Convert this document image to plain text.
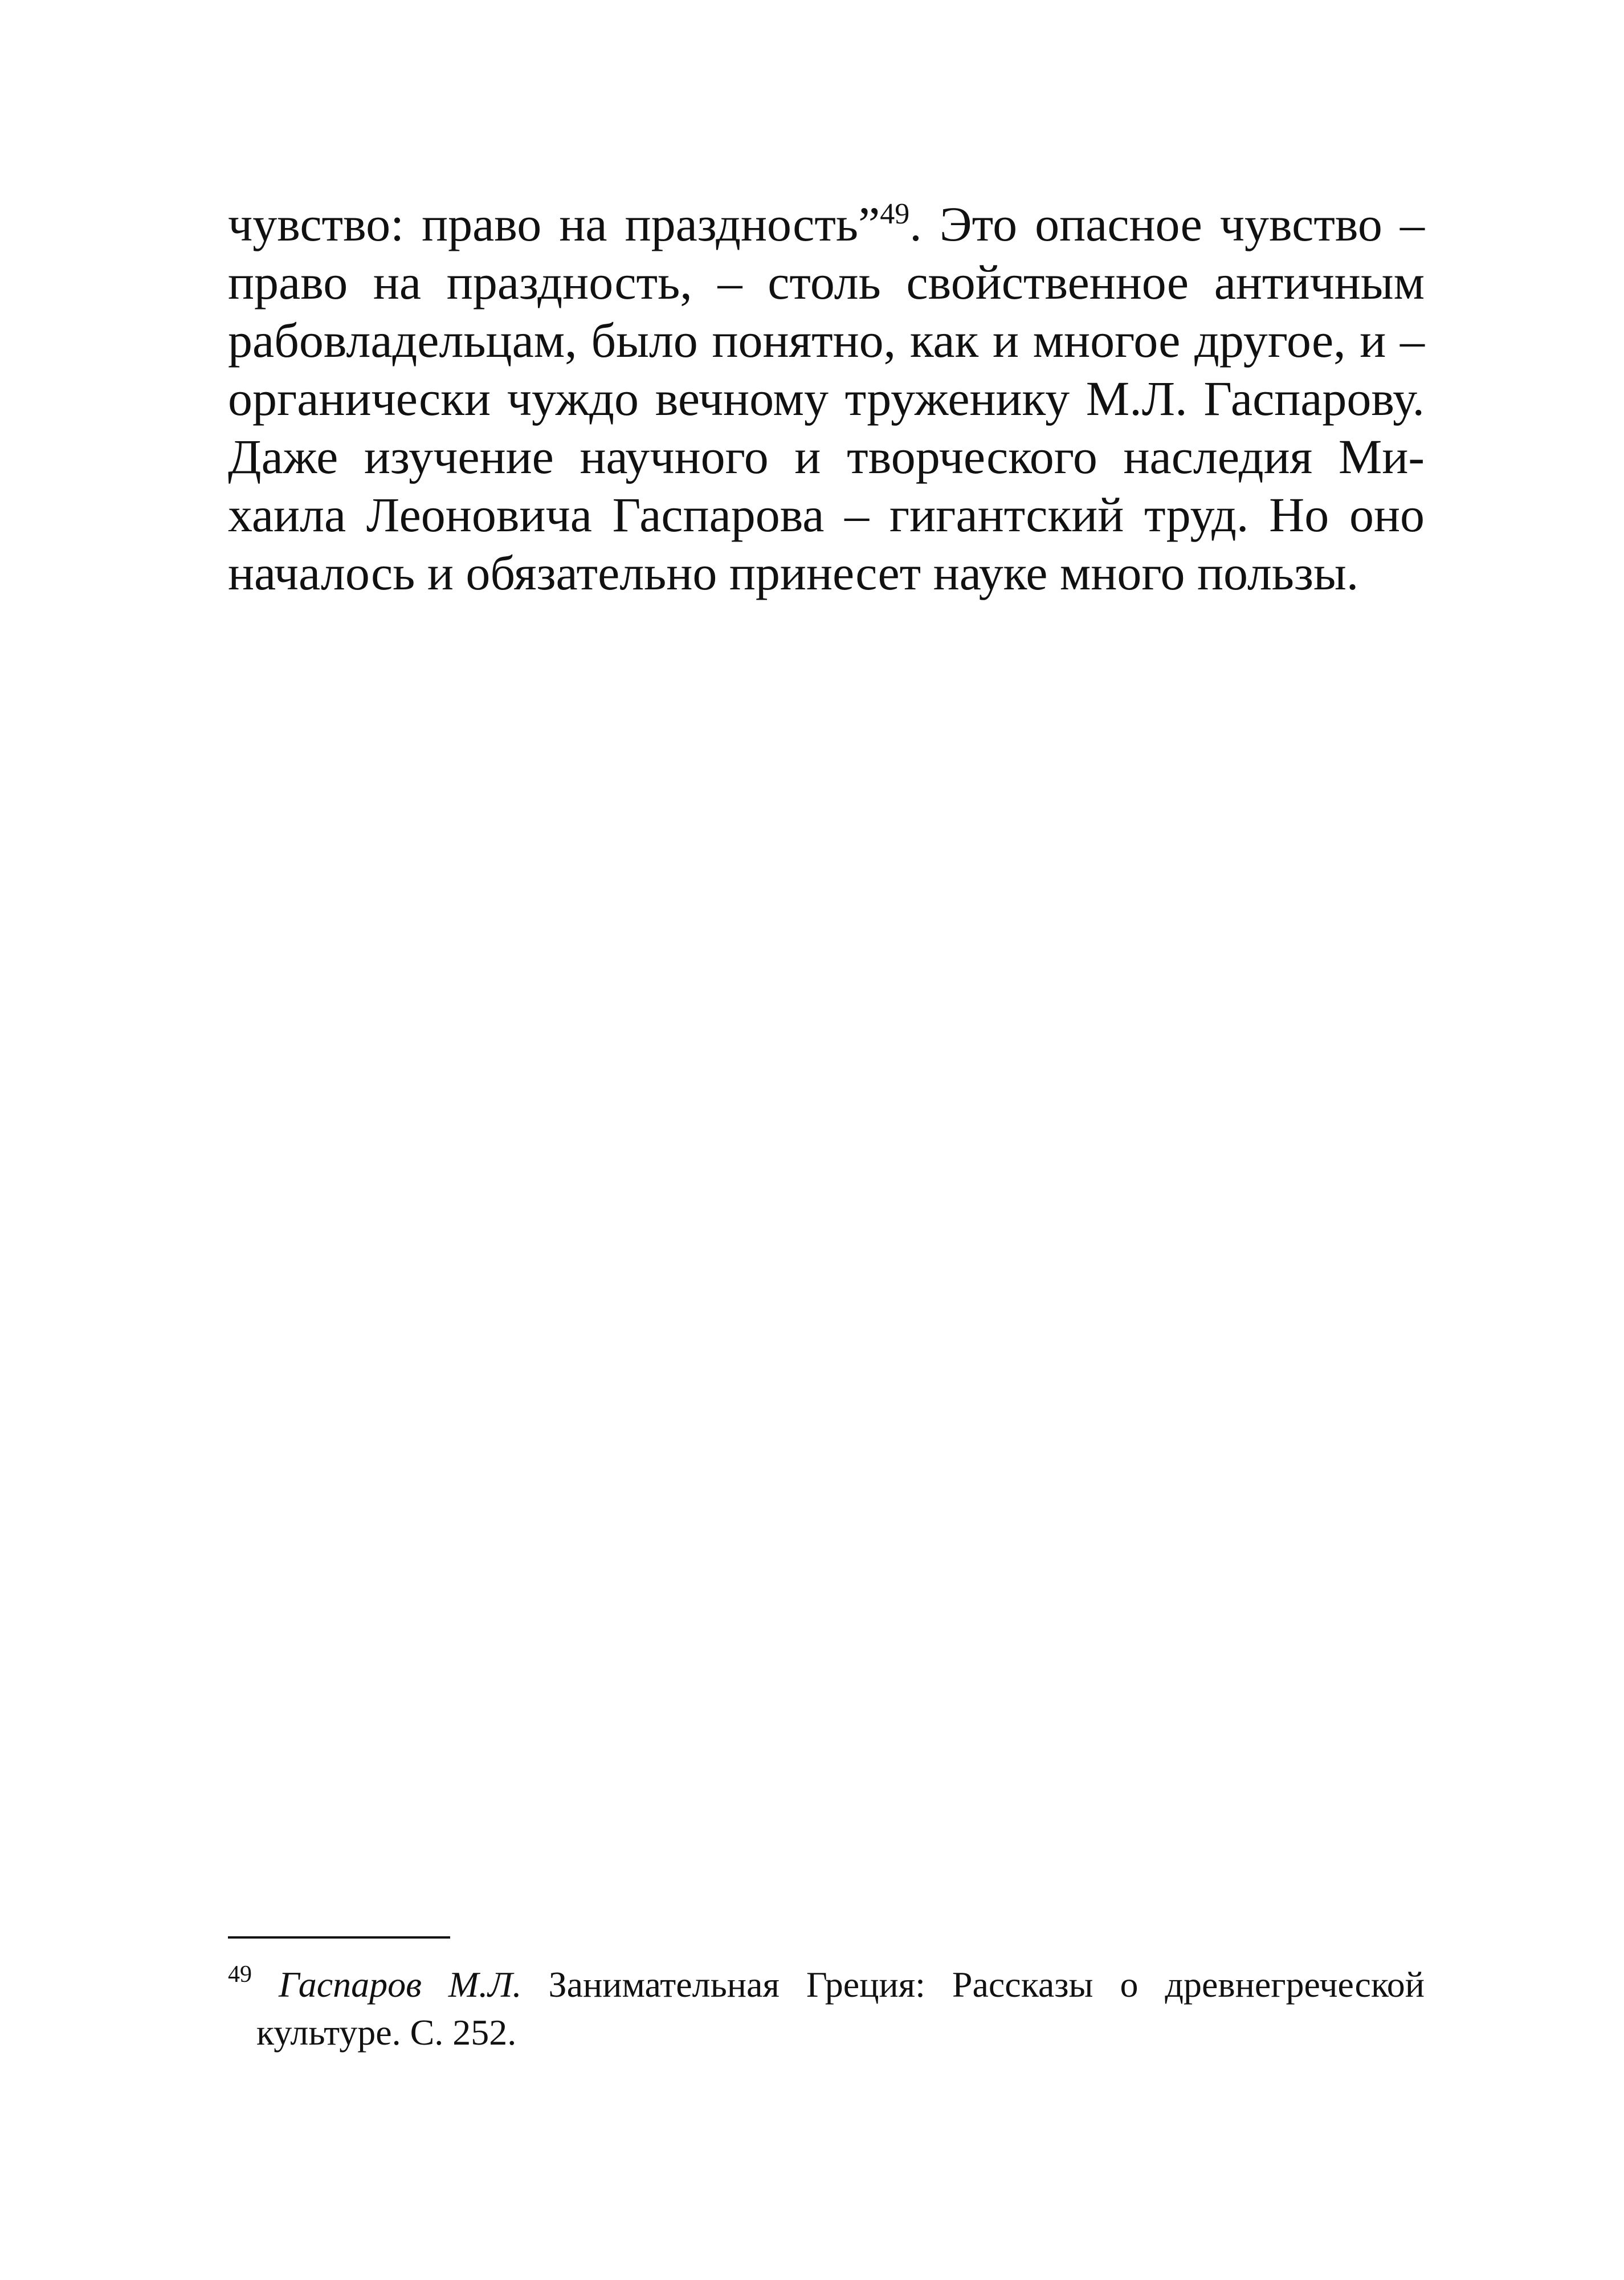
чувство: право на праздность”$^{49}$. Это опасное чувство –
право на праздность, – столь свойственное античным
рабовладельцам, было понятно, как и многое другое, и –
органически чуждо вечному труженику М.Л. Гаспарову.
Даже изучение научного и творческого наследия Ми-
хаила Леоновича Гаспарова – гигантский труд. Но оно
началось и обязательно принесет науке много пользы.
$^{49}$ Гаспаров М.Л. Занимательная Греция: Рассказы о древнегреческой
культуре. С. 252.
